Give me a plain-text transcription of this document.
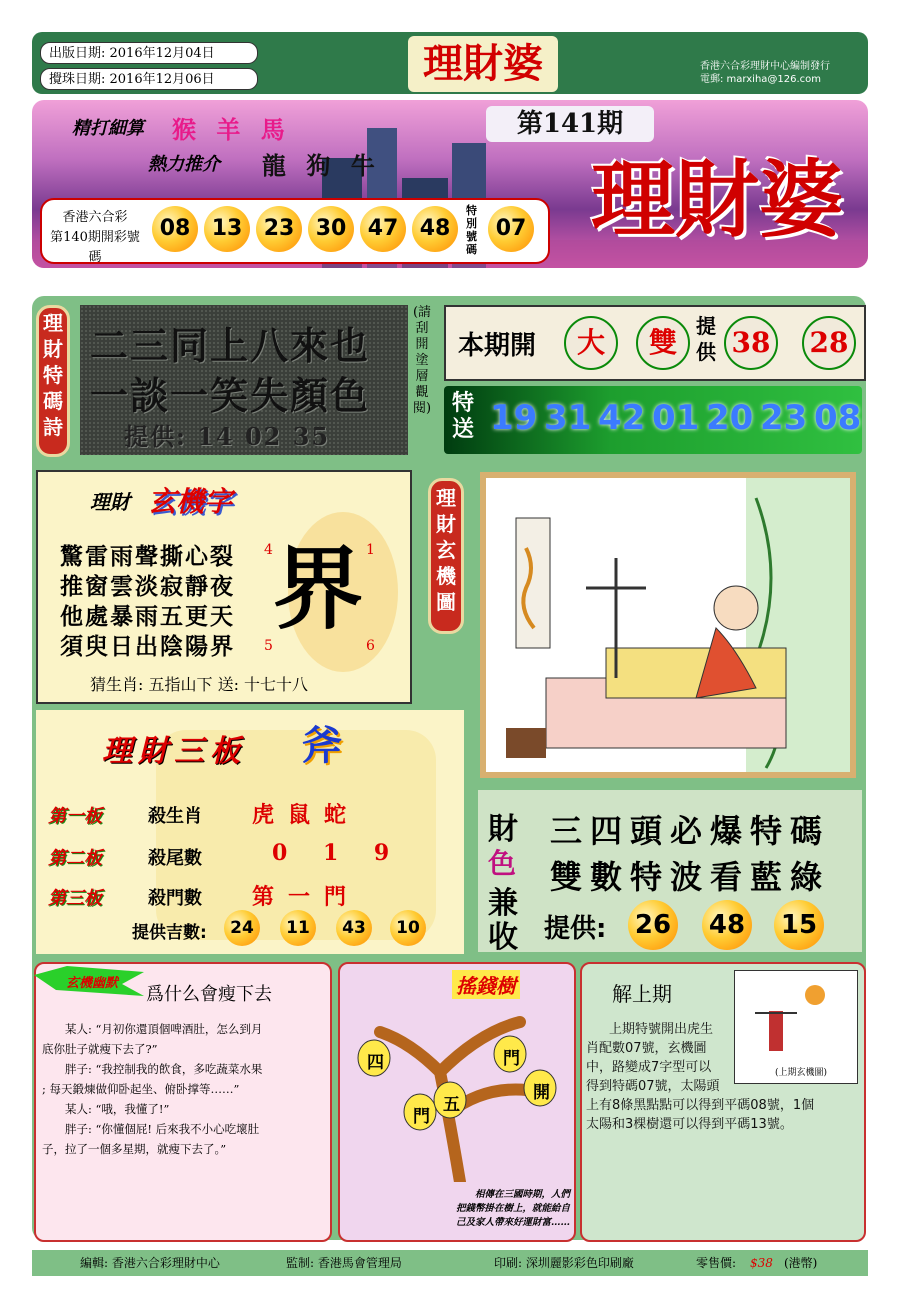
出版日期: 2016年12月04日
攪珠日期: 2016年12月06日	理財婆	香港六合彩理財中心編制發行
電郵: marxiha@126.com
精打細算 猴 羊 馬
熱力推介 龍 狗 牛
第141期
理財婆
香港六合彩
第140期開彩號碼
08 13 23 30 47 48
特別號碼
07
理財特碼詩
二三同上八來也
一談一笑失顏色
提供: 14 02 35
(請刮開塗層觀閱)
本期開	大	雙 提供 38 28
特送 19 31 42 01 20 23 08
理財 玄機字
驚雷雨聲撕心裂
推窗雲淡寂靜夜
他處暴雨五更天
須臾日出陰陽界
4	1
5	6
猜生肖: 五指山下 送: 十七十八
界
理財玄機圖
理財三板 斧
第一板	殺生肖 虎鼠蛇
第二板	殺尾數	0 1 9
第三板	殺門數 第一門
提供吉數:	24	11	43	10
財
色
兼
收
三四頭必爆特碼
雙數特波看藍綠
提供: 26 48 15
玄機幽默
爲什么會瘦下去
某人: “月初你還頂個啤酒肚，怎么到月
底你肚子就瘦下去了?”
胖子: “我控制我的飲食，多吃蔬菜水果
; 每天鍛煉做仰卧起坐、俯卧撑等……”
某人: “哦，我懂了!”
胖子: “你懂個屁! 后來我不小心吃壞肚
子，拉了一個多星期，就瘦下去了。”
搖錢樹
四
門
五
門
開
相傳在三國時期，人們
把錢幣掛在樹上，就能給自
己及家人帶來好運財富……
解上期
(上期玄機圖)
上期特號開出虎生
肖配數07號，玄機圖
中，路變成7字型可以
得到特碼07號，太陽頭
上有8條黑點點可以得到平碼08號，1個
太陽和3棵樹還可以得到平碼13號。
編輯: 香港六合彩理財中心	監制: 香港馬會管理局	印刷: 深圳麗影彩色印刷廠	零售價: $38 (港幣)
